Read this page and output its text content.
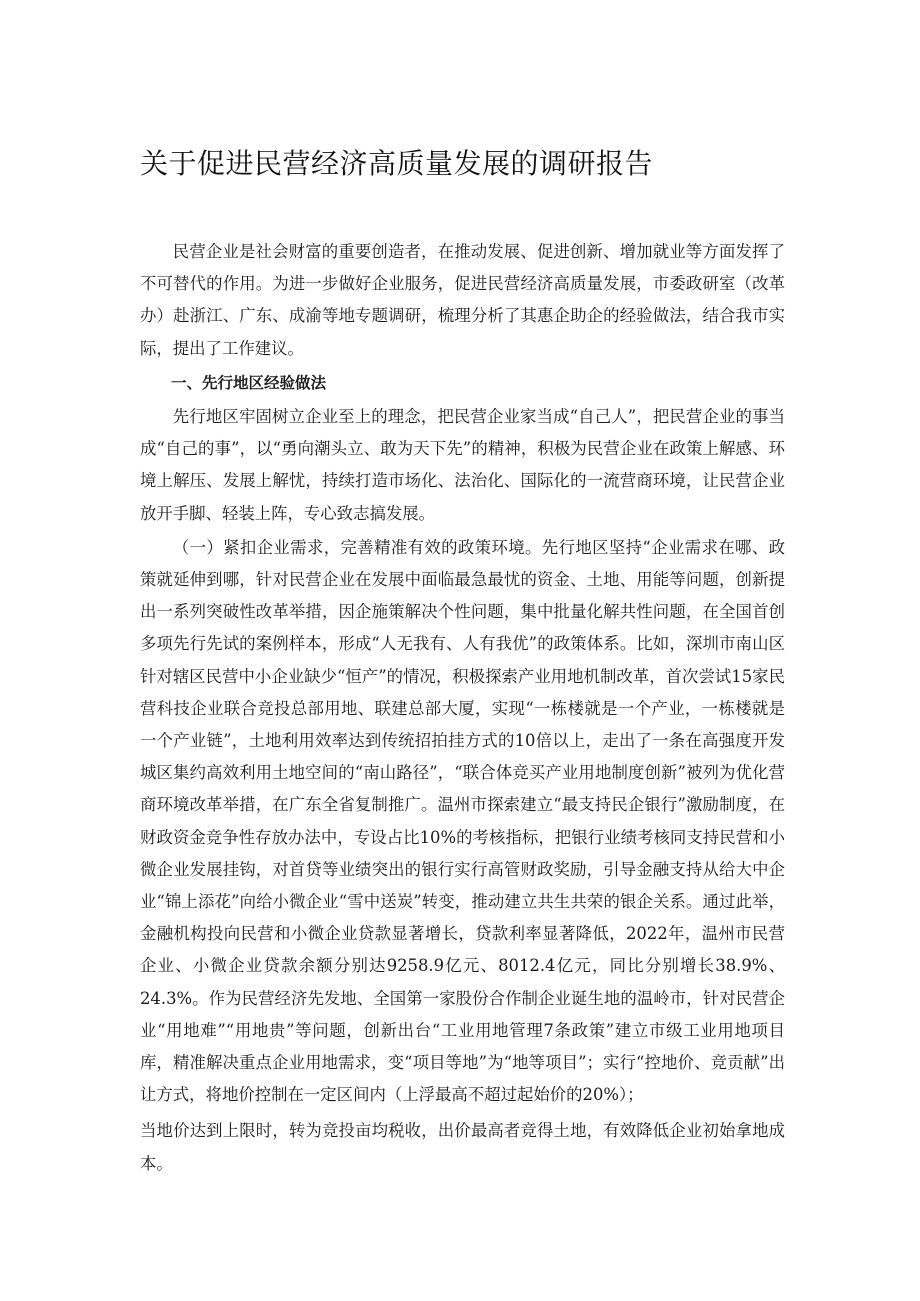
关于促进民营经济高质量发展的调研报告

民营企业是社会财富的重要创造者，在推动发展、促进创新、增加就业等方面发挥了不可替代的作用。为进一步做好企业服务，促进民营经济高质量发展，市委政研室（改革办）赴浙江、广东、成渝等地专题调研，梳理分析了其惠企助企的经验做法，结合我市实际，提出了工作建议。

一、先行地区经验做法

先行地区牢固树立企业至上的理念，把民营企业家当成“自己人”，把民营企业的事当成“自己的事”，以“勇向潮头立、敢为天下先”的精神，积极为民营企业在政策上解感、环境上解压、发展上解忧，持续打造市场化、法治化、国际化的一流营商环境，让民营企业放开手脚、轻装上阵，专心致志搞发展。

（一）紧扣企业需求，完善精准有效的政策环境。先行地区坚持“企业需求在哪、政策就延伸到哪，针对民营企业在发展中面临最急最忧的资金、土地、用能等问题，创新提出一系列突破性改革举措，因企施策解决个性问题，集中批量化解共性问题，在全国首创多项先行先试的案例样本，形成“人无我有、人有我优”的政策体系。比如，深圳市南山区针对辖区民营中小企业缺少“恒产”的情况，积极探索产业用地机制改革，首次尝试15家民营科技企业联合竞投总部用地、联建总部大厦，实现“一栋楼就是一个产业，一栋楼就是一个产业链”，土地利用效率达到传统招拍挂方式的10倍以上，走出了一条在高强度开发城区集约高效利用土地空间的“南山路径”，“联合体竞买产业用地制度创新”被列为优化营商环境改革举措，在广东全省复制推广。温州市探索建立“最支持民企银行”激励制度，在财政资金竞争性存放办法中，专设占比10%的考核指标，把银行业绩考核同支持民营和小微企业发展挂钩，对首贷等业绩突出的银行实行高管财政奖励，引导金融支持从给大中企业“锦上添花”向给小微企业“雪中送炭”转变，推动建立共生共荣的银企关系。通过此举，金融机构投向民营和小微企业贷款显著增长，贷款利率显著降低，2022年，温州市民营企业、小微企业贷款余额分别达9258.9亿元、8012.4亿元，同比分别增长38.9%、24.3%。作为民营经济先发地、全国第一家股份合作制企业诞生地的温岭市，针对民营企业“用地难”“用地贵”等问题，创新出台“工业用地管理7条政策”建立市级工业用地项目库，精准解决重点企业用地需求，变“项目等地”为“地等项目”；实行“控地价、竞贡献”出让方式，将地价控制在一定区间内（上浮最高不超过起始价的20%）；

当地价达到上限时，转为竞投亩均税收，出价最高者竞得土地，有效降低企业初始拿地成本。
